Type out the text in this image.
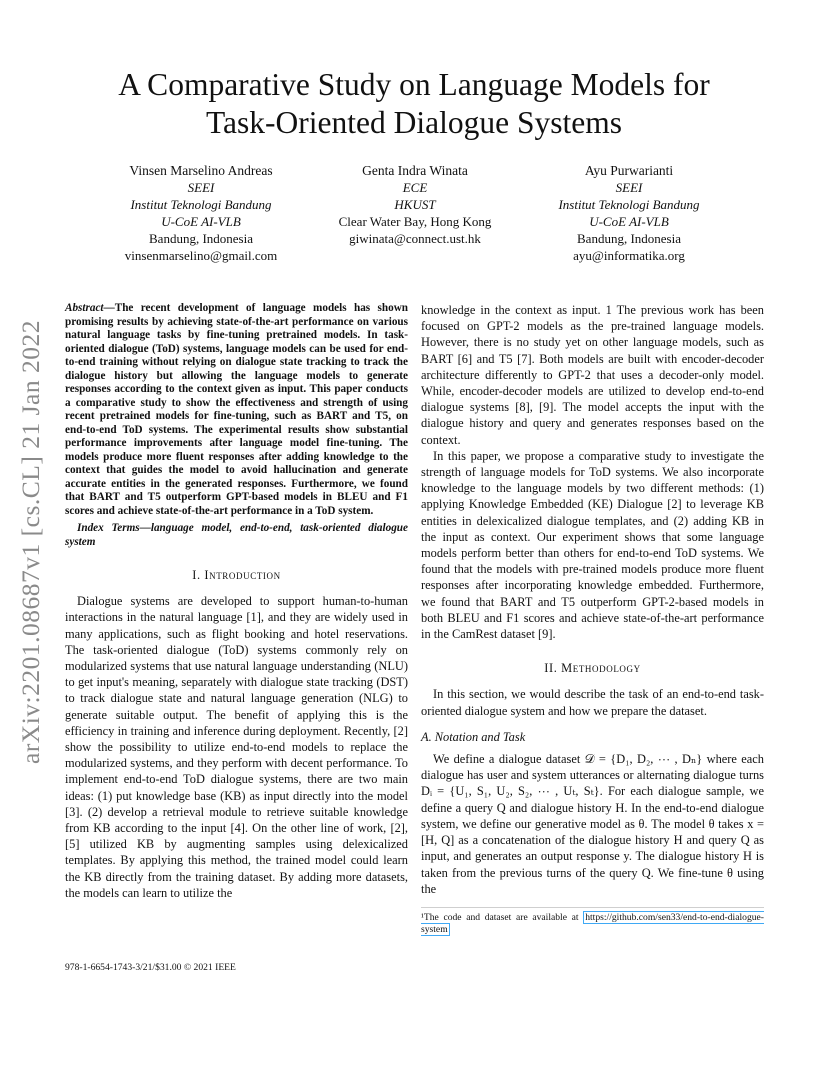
A Comparative Study on Language Models for
Task-Oriented Dialogue Systems
Vinsen Marselino Andreas
SEEI
Institut Teknologi Bandung
U-CoE AI-VLB
Bandung, Indonesia
vinsenmarselino@gmail.com
Genta Indra Winata
ECE
HKUST
Clear Water Bay, Hong Kong
giwinata@connect.ust.hk
Ayu Purwarianti
SEEI
Institut Teknologi Bandung
U-CoE AI-VLB
Bandung, Indonesia
ayu@informatika.org
arXiv:2201.08687v1 [cs.CL] 21 Jan 2022
Abstract—The recent development of language models has shown promising results by achieving state-of-the-art performance on various natural language tasks by fine-tuning pretrained models. In task-oriented dialogue (ToD) systems, language models can be used for end-to-end training without relying on dialogue state tracking to track the dialogue history but allowing the language models to generate responses according to the context given as input. This paper conducts a comparative study to show the effectiveness and strength of using recent pretrained models for fine-tuning, such as BART and T5, on end-to-end ToD systems. The experimental results show substantial performance improvements after language model fine-tuning. The models produce more fluent responses after adding knowledge to the context that guides the model to avoid hallucination and generate accurate entities in the generated responses. Furthermore, we found that BART and T5 outperform GPT-based models in BLEU and F1 scores and achieve state-of-the-art performance in a ToD system.
Index Terms—language model, end-to-end, task-oriented dialogue system
I. Introduction

Dialogue systems are developed to support human-to-human interactions in the natural language [1], and they are widely used in many applications, such as flight booking and hotel reservations. The task-oriented dialogue (ToD) systems commonly rely on modularized systems that use natural language understanding (NLU) to get input's meaning, separately with dialogue state tracking (DST) to track dialogue state and natural language generation (NLG) to generate suitable output. The benefit of applying this is the efficiency in training and inference during deployment. Recently, [2] show the possibility to utilize end-to-end models to replace the modularized systems, and they perform with decent performance. To implement end-to-end ToD dialogue systems, there are two main ideas: (1) put knowledge base (KB) as input directly into the model [3]. (2) develop a retrieval module to retrieve suitable knowledge from KB according to the input [4]. On the other line of work, [2], [5] utilized KB by augmenting samples using delexicalized templates. By applying this method, the trained model could learn the KB directly from the training dataset. By adding more datasets, the models can learn to utilize the

knowledge in the context as input. 1 The previous work has been focused on GPT-2 models as the pre-trained language models. However, there is no study yet on other language models, such as BART [6] and T5 [7]. Both models are built with encoder-decoder architecture differently to GPT-2 that uses a decoder-only model. While, encoder-decoder models are utilized to develop end-to-end dialogue systems [8], [9]. The model accepts the input with the dialogue history and query and generates responses based on the context.

In this paper, we propose a comparative study to investigate the strength of language models for ToD systems. We also incorporate knowledge to the language models by two different methods: (1) applying Knowledge Embedded (KE) Dialogue [2] to leverage KB entities in delexicalized dialogue templates, and (2) adding KB in the input as context. Our experiment shows that some language models perform better than others for end-to-end ToD systems. We found that the models with pre-trained models produce more fluent responses after incorporating knowledge embedded. Furthermore, we found that BART and T5 outperform GPT-2-based models in both BLEU and F1 scores and achieve state-of-the-art performance in the CamRest dataset [9].

II. Methodology

In this section, we would describe the task of an end-to-end task-oriented dialogue system and how we prepare the dataset.

A. Notation and Task

We define a dialogue dataset 𝒟 = {D₁, D₂, ⋯ , Dₙ} where each dialogue has user and system utterances or alternating dialogue turns Dᵢ = {U₁, S₁, U₂, S₂, ⋯ , Uₜ, Sₜ}. For each dialogue sample, we define a query Q and dialogue history H. In the end-to-end dialogue system, we define our generative model as θ. The model θ takes x = [H, Q] as a concatenation of the dialogue history H and query Q as input, and generates an output response y. The dialogue history H is taken from the previous turns of the query Q. We fine-tune θ using the

¹The code and dataset are available at https://github.com/sen33/end-to-end-dialogue-system
978-1-6654-1743-3/21/$31.00 © 2021 IEEE
